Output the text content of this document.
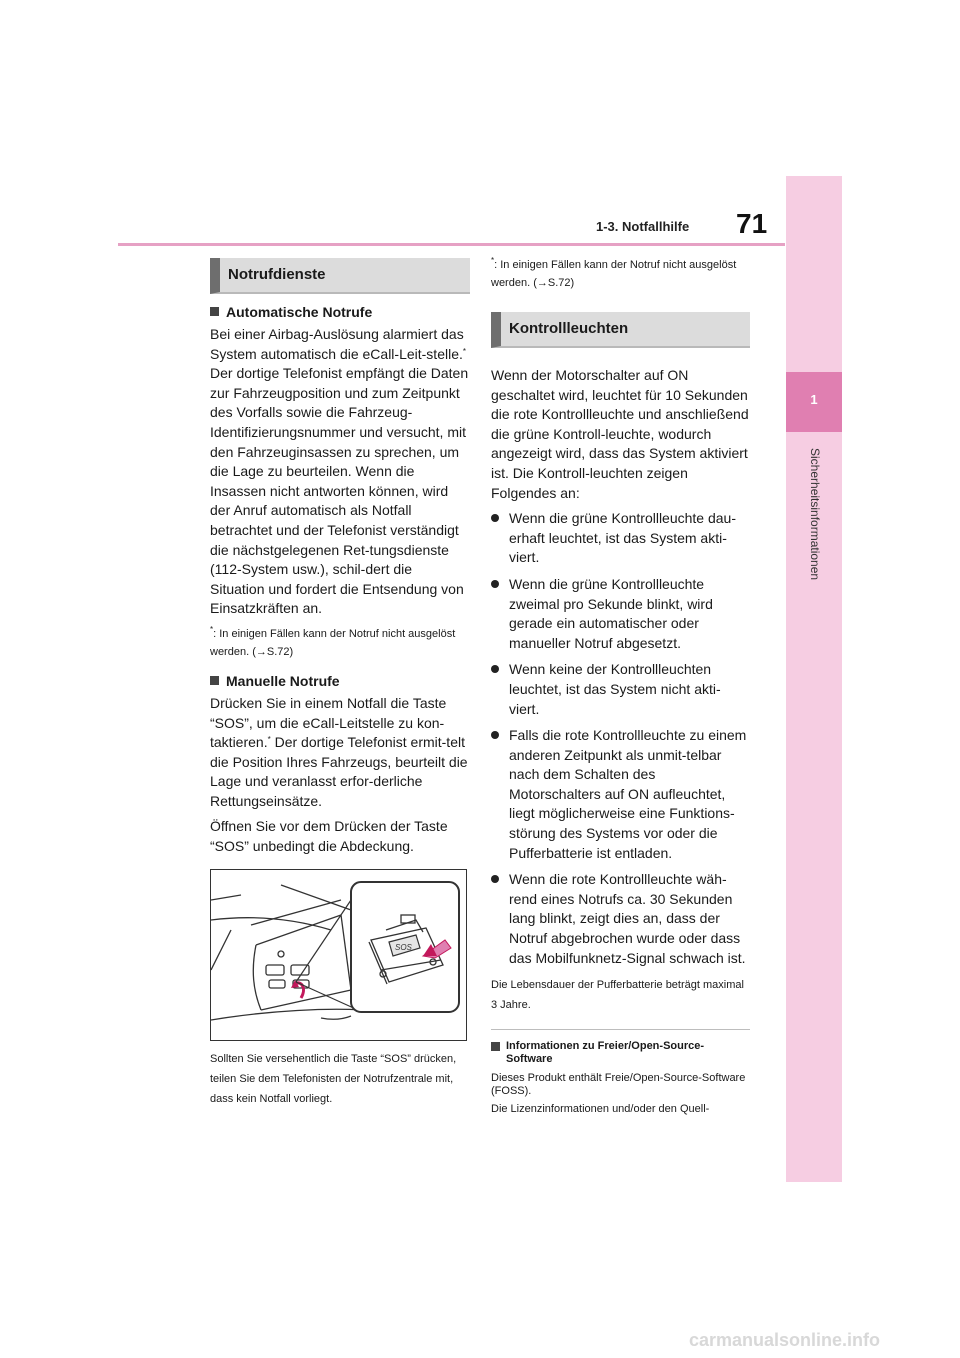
1-3. Notfallhilfe 71
1
Sicherheitsinformationen
Notrufdienste
Automatische Notrufe

Bei einer Airbag-Auslösung alarmiert das System automatisch die eCall-Leit-stelle.* Der dortige Telefonist empfängt die Daten zur Fahrzeugposition und zum Zeitpunkt des Vorfalls sowie die Fahrzeug-Identifizierungsnummer und versucht, mit den Fahrzeuginsassen zu sprechen, um die Lage zu beurteilen. Wenn die Insassen nicht antworten können, wird der Anruf automatisch als Notfall betrachtet und der Telefonist verständigt die nächstgelegenen Ret-tungsdienste (112-System usw.), schil-dert die Situation und fordert die Entsendung von Einsatzkräften an.

*: In einigen Fällen kann der Notruf nicht ausgelöst werden. (→S.72)

Manuelle Notrufe

Drücken Sie in einem Notfall die Taste “SOS”, um die eCall-Leitstelle zu kon-taktieren.* Der dortige Telefonist ermit-telt die Position Ihres Fahrzeugs, beurteilt die Lage und veranlasst erfor-derliche Rettungseinsätze.

Öffnen Sie vor dem Drücken der Taste “SOS” unbedingt die Abdeckung.

SOS

Sollten Sie versehentlich die Taste “SOS” drücken, teilen Sie dem Telefonisten der Notrufzentrale mit, dass kein Notfall vorliegt.

*: In einigen Fällen kann der Notruf nicht ausgelöst werden. (→S.72)

Kontrollleuchten

Wenn der Motorschalter auf ON geschaltet wird, leuchtet für 10 Sekunden die rote Kontrollleuchte und anschließend die grüne Kontroll-leuchte, wodurch angezeigt wird, dass das System aktiviert ist. Die Kontroll-leuchten zeigen Folgendes an:

Wenn die grüne Kontrollleuchte dau-erhaft leuchtet, ist das System akti-viert.
Wenn die grüne Kontrollleuchte zweimal pro Sekunde blinkt, wird gerade ein automatischer oder manueller Notruf abgesetzt.
Wenn keine der Kontrollleuchten leuchtet, ist das System nicht akti-viert.
Falls die rote Kontrollleuchte zu einem anderen Zeitpunkt als unmit-telbar nach dem Schalten des Motorschalters auf ON aufleuchtet, liegt möglicherweise eine Funktions-störung des Systems vor oder die Pufferbatterie ist entladen.
Wenn die rote Kontrollleuchte wäh-rend eines Notrufs ca. 30 Sekunden lang blinkt, zeigt dies an, dass der Notruf abgebrochen wurde oder dass das Mobilfunknetz-Signal schwach ist.

Die Lebensdauer der Pufferbatterie beträgt maximal 3 Jahre.

Informationen zu Freier/Open-Source-Software

Dieses Produkt enthält Freie/Open-Source-Software (FOSS).

Die Lizenzinformationen und/oder den Quell-

carmanualsonline.info
